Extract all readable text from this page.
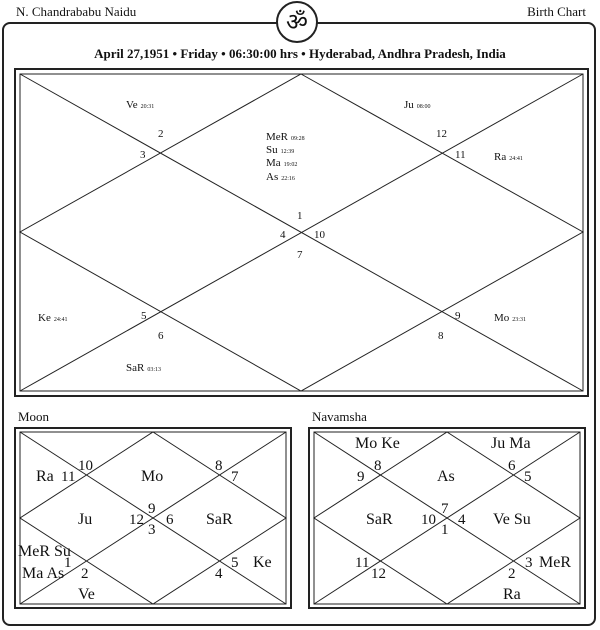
N. Chandrababu Naidu	Birth Chart
ॐ
April 27,1951 • Friday • 06:30:00 hrs • Hyderabad, Andhra Pradesh, India
Moon	Navamsha
1
4	10
7
2
3
12
11
5
6
9
8
Ve 20:31	Ju 08:00
MeR 09:28
Su 12:39
Ma 19:02
As 22:16
Ra 24:41
Ke 24:41	Mo 23:31
SaR 03:13
10
11
8
7
9
12
3
6
4
5
1
2
Ra	Mo
Ju	SaR
MeR Su
Ma As
Ke
Ve
9
8	6
5
10
7
4
1
11
12
3
2
Mo Ke	Ju Ma
As
SaR	Ve Su
MeR
Ra
